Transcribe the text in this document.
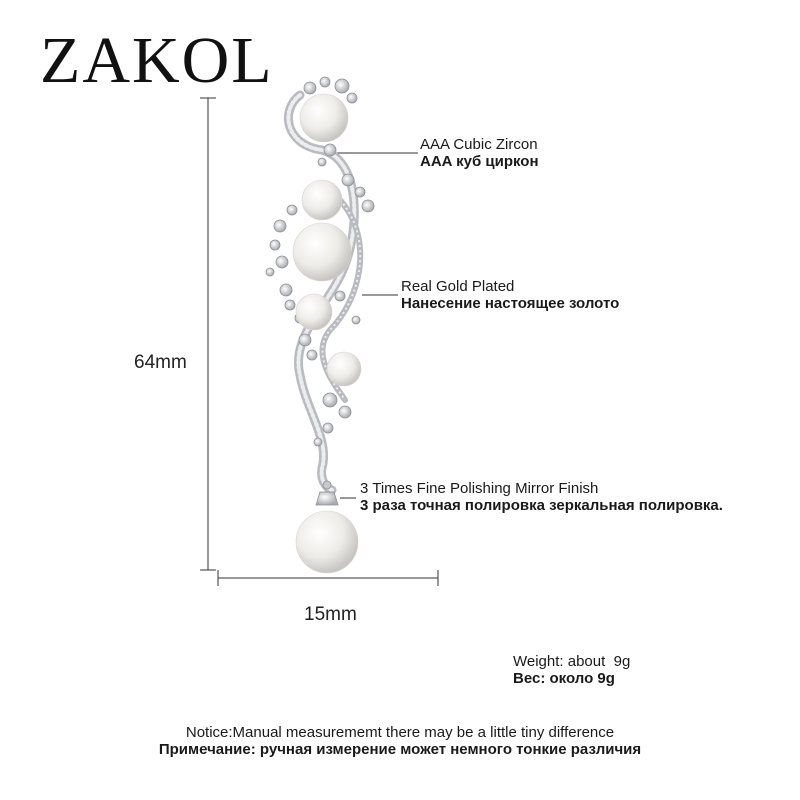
ZAKOL
64mm
15mm
AAA Cubic Zircon
AAA куб циркон
Real Gold Plated
Нанесение настоящее золото
3 Times Fine Polishing Mirror Finish
3 раза точная полировка зеркальная полировка.
Weight: about  9g
Вес: около 9g
Notice:Manual measurememt there may be a little tiny difference
Примечание: ручная измерение может немного тонкие различия
